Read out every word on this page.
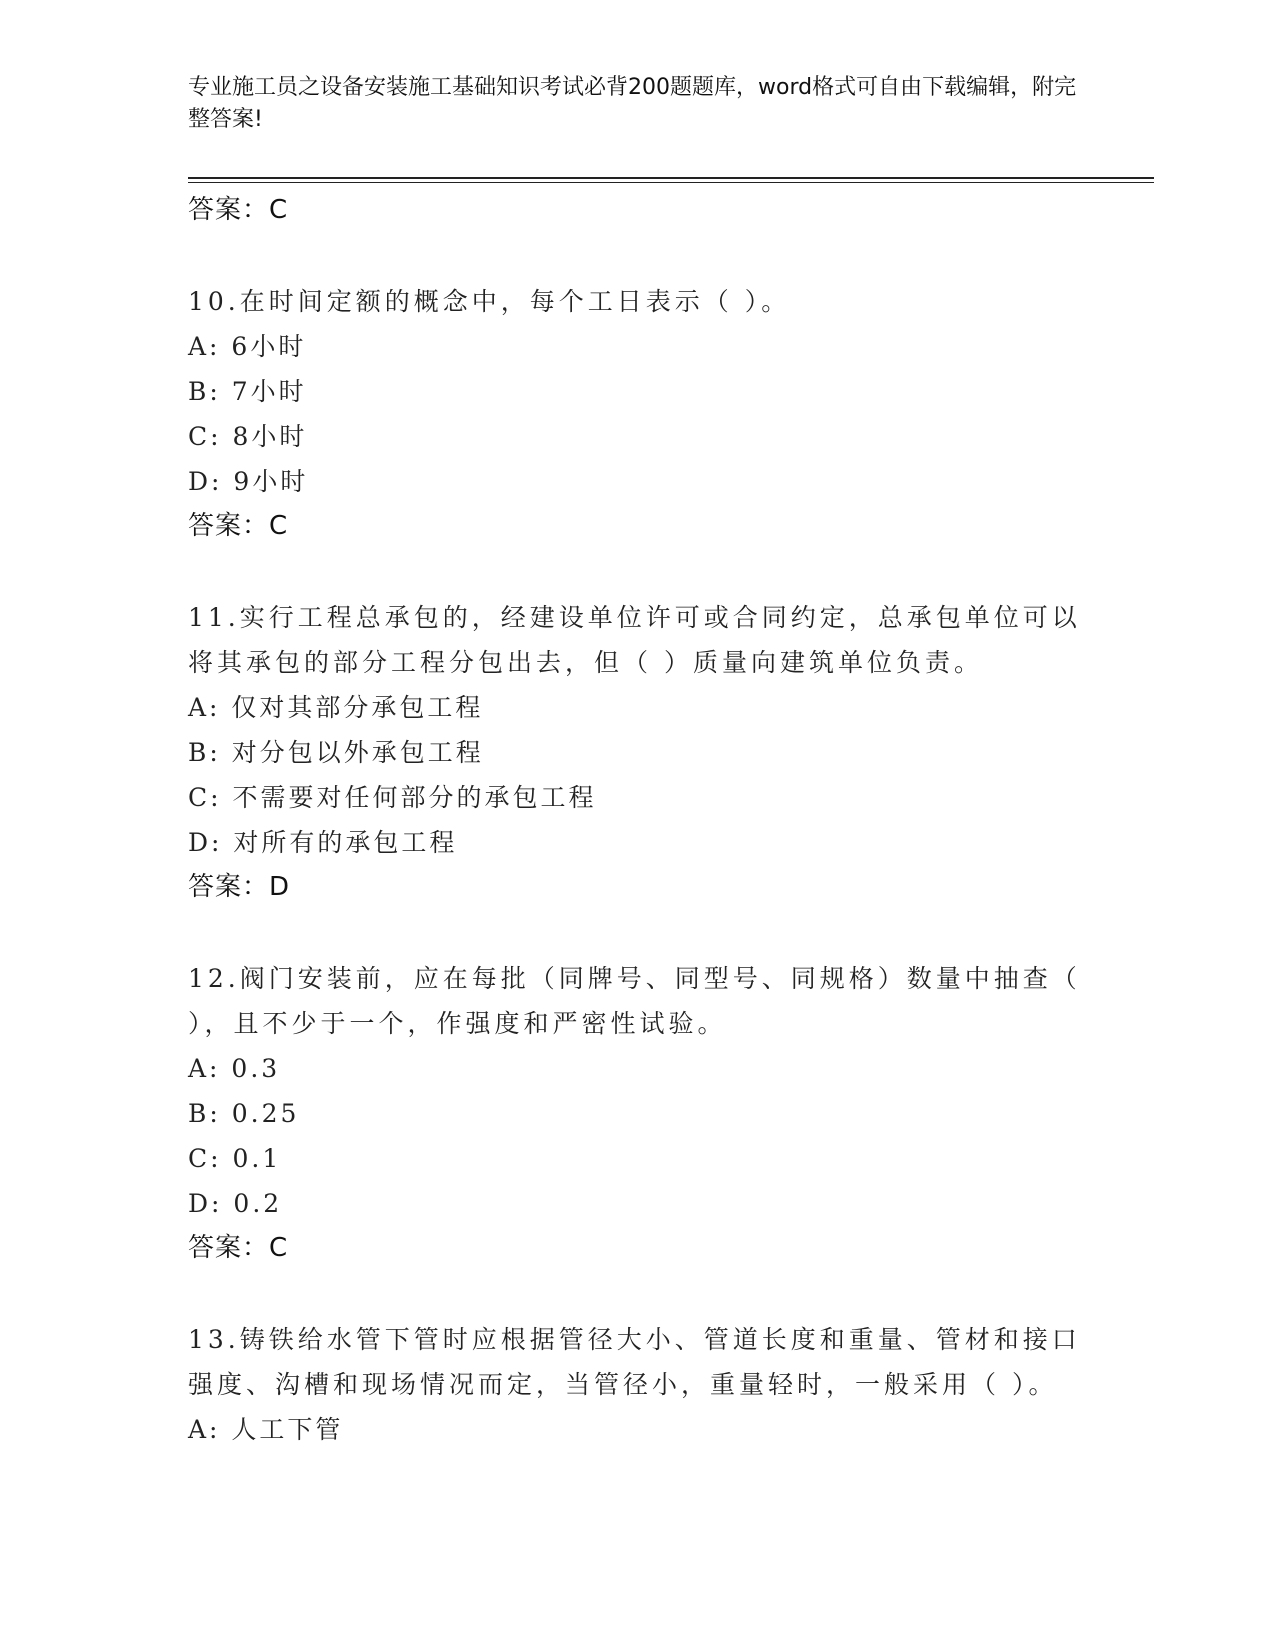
专业施工员之设备安装施工基础知识考试必背200题题库，word格式可自由下载编辑，附完整答案!
答案：C
10.在时间定额的概念中，每个工日表示（ ）。
A: 6小时
B: 7小时
C: 8小时
D: 9小时
答案：C
11.实行工程总承包的，经建设单位许可或合同约定，总承包单位可以将其承包的部分工程分包出去，但（ ）质量向建筑单位负责。
A: 仅对其部分承包工程
B: 对分包以外承包工程
C: 不需要对任何部分的承包工程
D: 对所有的承包工程
答案：D
12.阀门安装前，应在每批（同牌号、同型号、同规格）数量中抽查（ ），且不少于一个，作强度和严密性试验。
A: 0.3
B: 0.25
C: 0.1
D: 0.2
答案：C
13.铸铁给水管下管时应根据管径大小、管道长度和重量、管材和接口强度、沟槽和现场情况而定，当管径小，重量轻时，一般采用（ ）。
A: 人工下管
